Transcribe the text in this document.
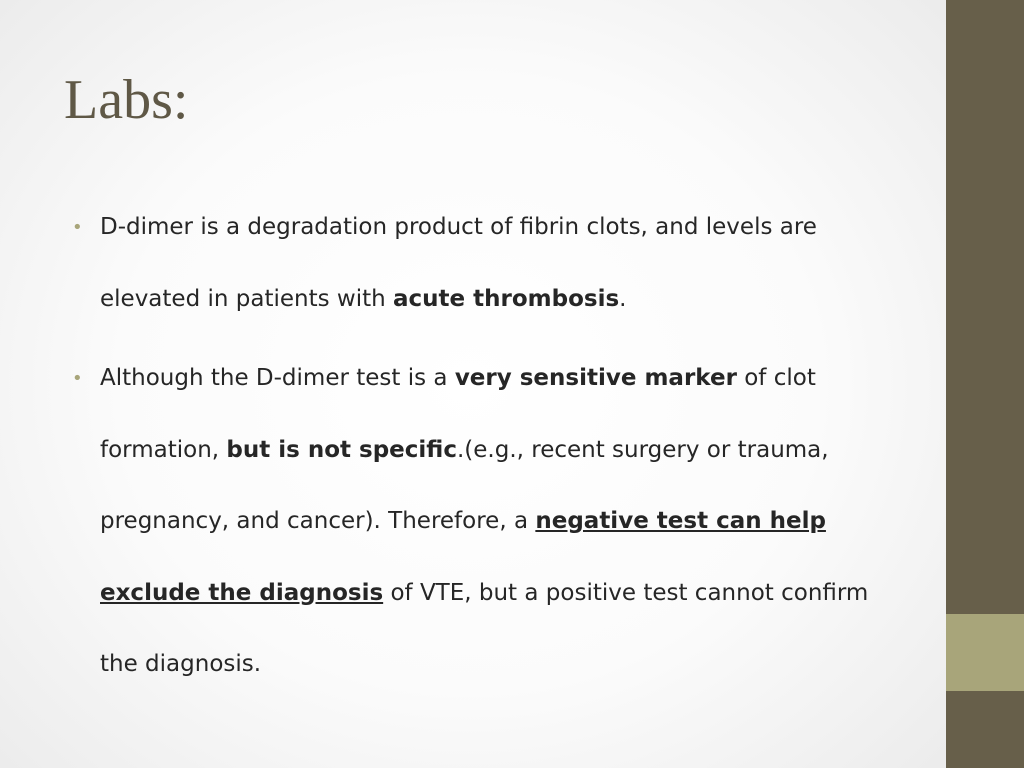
Labs:
• D-dimer is a degradation product of fibrin clots, and levels are elevated in patients with acute thrombosis.
• Although the D-dimer test is a very sensitive marker of clot formation, but is not specific.(e.g., recent surgery or trauma, pregnancy, and cancer). Therefore, a negative test can help exclude the diagnosis of VTE, but a positive test cannot confirm the diagnosis.
